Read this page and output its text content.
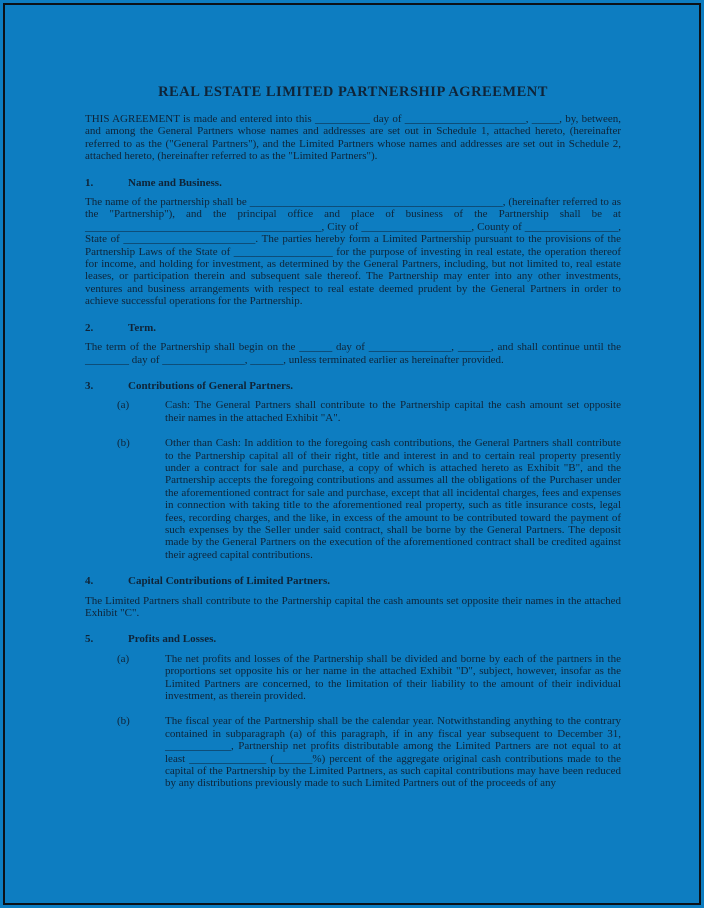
REAL ESTATE LIMITED PARTNERSHIP AGREEMENT

THIS AGREEMENT is made and entered into this __________ day of ______________________, _____, by, between, and among the General Partners whose names and addresses are set out in Schedule 1, attached hereto, (hereinafter referred to as the ("General Partners"), and the Limited Partners whose names and addresses are set out in Schedule 2, attached hereto, (hereinafter referred to as the "Limited Partners").

1.	Name and Business.

The name of the partnership shall be ______________________________________________, (hereinafter referred to as the "Partnership"), and the principal office and place of business of the Partnership shall be at ___________________________________________, City of ____________________, County of _________________, State of ________________________. The parties hereby form a Limited Partnership pursuant to the provisions of the Partnership Laws of the State of __________________ for the purpose of investing in real estate, the operation thereof for income, and holding for investment, as determined by the General Partners, including, but not limited to, real estate leases, or participation therein and subsequent sale thereof. The Partnership may enter into any other investments, ventures and business arrangements with respect to real estate deemed prudent by the General Partners in order to achieve successful operations for the Partnership.

2.	Term.

The term of the Partnership shall begin on the ______ day of _______________, ______, and shall continue until the ________ day of _______________, ______, unless terminated earlier as hereinafter provided.

3.	Contributions of General Partners.
(a)	Cash: The General Partners shall contribute to the Partnership capital the cash amount set opposite their names in the attached Exhibit "A".
(b)	Other than Cash: In addition to the foregoing cash contributions, the General Partners shall contribute to the Partnership capital all of their right, title and interest in and to certain real property presently under a contract for sale and purchase, a copy of which is attached hereto as Exhibit "B", and the Partnership accepts the foregoing contributions and assumes all the obligations of the Purchaser under the aforementioned contract for sale and purchase, except that all incidental charges, fees and expenses in connection with taking title to the aforementioned real property, such as title insurance costs, legal fees, recording charges, and the like, in excess of the amount to be contributed toward the payment of such expenses by the Seller under said contract, shall be borne by the General Partners. The deposit made by the General Partners on the execution of the aforementioned contract shall be credited against their agreed capital contributions.
4.	Capital Contributions of Limited Partners.

The Limited Partners shall contribute to the Partnership capital the cash amounts set opposite their names in the attached Exhibit "C".

5.	Profits and Losses.
(a)	The net profits and losses of the Partnership shall be divided and borne by each of the partners in the proportions set opposite his or her name in the attached Exhibit "D", subject, however, insofar as the Limited Partners are concerned, to the limitation of their liability to the amount of their individual investment, as therein provided.
(b)	The fiscal year of the Partnership shall be the calendar year. Notwithstanding anything to the contrary contained in subparagraph (a) of this paragraph, if in any fiscal year subsequent to December 31, ____________, Partnership net profits distributable among the Limited Partners are not equal to at least ______________ (_______%) percent of the aggregate original cash contributions made to the capital of the Partnership by the Limited Partners, as such capital contributions may have been reduced by any distributions previously made to such Limited Partners out of the proceeds of any
